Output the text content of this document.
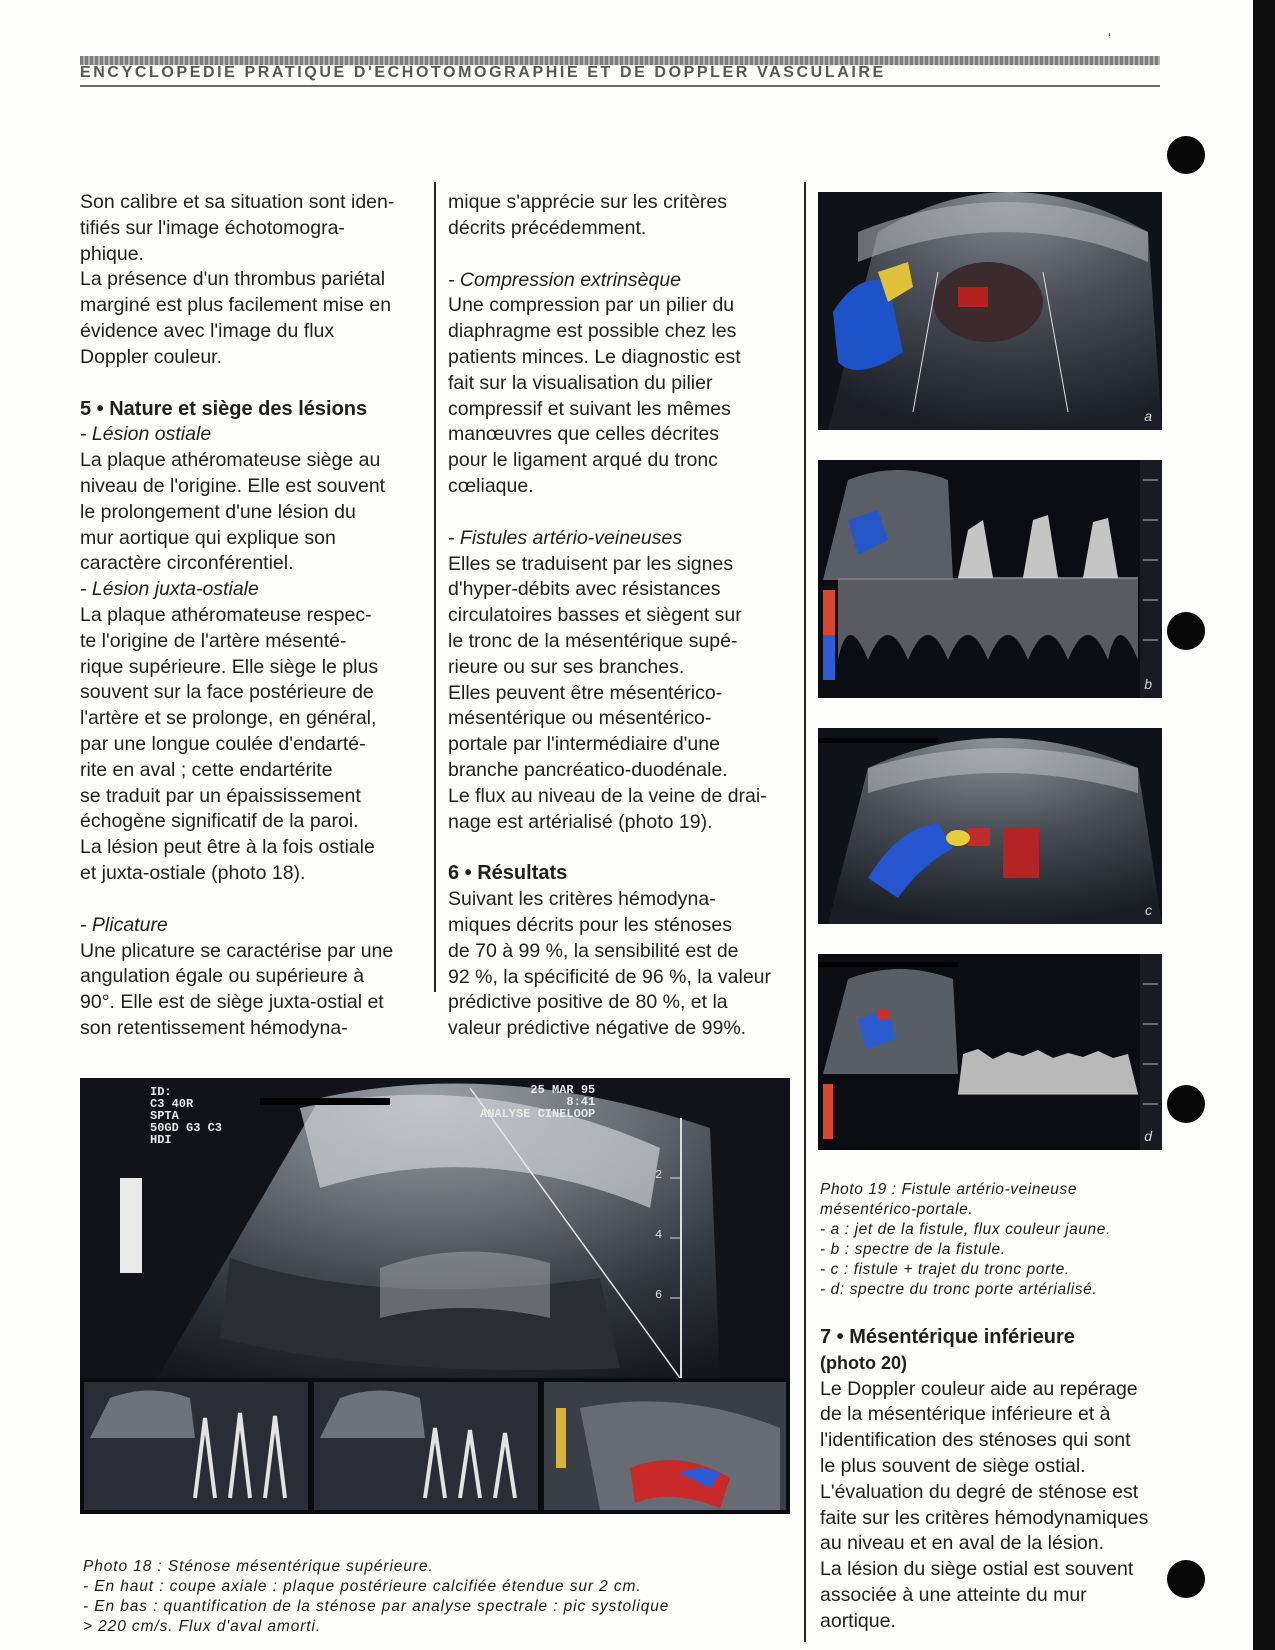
ʻ
ENCYCLOPEDIE PRATIQUE D'ECHOTOMOGRAPHIE ET DE DOPPLER VASCULAIRE
Son calibre et sa situation sont iden-
tifiés sur l'image échotomogra-
phique.
La présence d'un thrombus pariétal
marginé est plus facilement mise en
évidence avec l'image du flux
Doppler couleur.
5 • Nature et siège des lésions

- Lésion ostiale

La plaque athéromateuse siège au
niveau de l'origine. Elle est souvent
le prolongement d'une lésion du
mur aortique qui explique son
caractère circonférentiel.

- Lésion juxta-ostiale

La plaque athéromateuse respec-
te l'origine de l'artère mésenté-
rique supérieure. Elle siège le plus
souvent sur la face postérieure de
l'artère et se prolonge, en général,
par une longue coulée d'endarté-
rite en aval ; cette endartérite
se traduit par un épaississement
échogène significatif de la paroi.
La lésion peut être à la fois ostiale
et juxta-ostiale (photo 18).

- Plicature

Une plicature se caractérise par une
angulation égale ou supérieure à
90°. Elle est de siège juxta-ostial et
son retentissement hémodyna-
mique s'apprécie sur les critères
décrits précédemment.

- Compression extrinsèque

Une compression par un pilier du
diaphragme est possible chez les
patients minces. Le diagnostic est
fait sur la visualisation du pilier
compressif et suivant les mêmes
manœuvres que celles décrites
pour le ligament arqué du tronc
cœliaque.

- Fistules artério-veineuses

Elles se traduisent par les signes
d'hyper-débits avec résistances
circulatoires basses et siègent sur
le tronc de la mésentérique supé-
rieure ou sur ses branches.
Elles peuvent être mésentérico-
mésentérique ou mésentérico-
portale par l'intermédiaire d'une
branche pancréatico-duodénale.
Le flux au niveau de la veine de drai-
nage est artérialisé (photo 19).
6 • Résultats
Suivant les critères hémodyna-
miques décrits pour les sténoses
de 70 à 99 %, la sensibilité est de
92 %, la spécificité de 96 %, la valeur
prédictive positive de 80 %, et la
valeur prédictive négative de 99%.
a
b
c
d
Photo 19 : Fistule artério-veineuse
mésentérico-portale.
- a : jet de la fistule, flux couleur jaune.
- b : spectre de la fistule.
- c : fistule + trajet du tronc porte.
- d: spectre du tronc porte artérialisé.
ID:
C3 40R
SPTA
50GD G3 C3
HDI
25 MAR 95
8:41
ANALYSE CINELOOP
2
4
6
Photo 18 : Sténose mésentérique supérieure.
- En haut : coupe axiale : plaque postérieure calcifiée étendue sur 2 cm.
- En bas : quantification de la sténose par analyse spectrale : pic systolique
> 220 cm/s. Flux d'aval amorti.
7 • Mésentérique inférieure

(photo 20)

Le Doppler couleur aide au repérage
de la mésentérique inférieure et à
l'identification des sténoses qui sont
le plus souvent de siège ostial.
L'évaluation du degré de sténose est
faite sur les critères hémodynamiques
au niveau et en aval de la lésion.
La lésion du siège ostial est souvent
associée à une atteinte du mur
aortique.
